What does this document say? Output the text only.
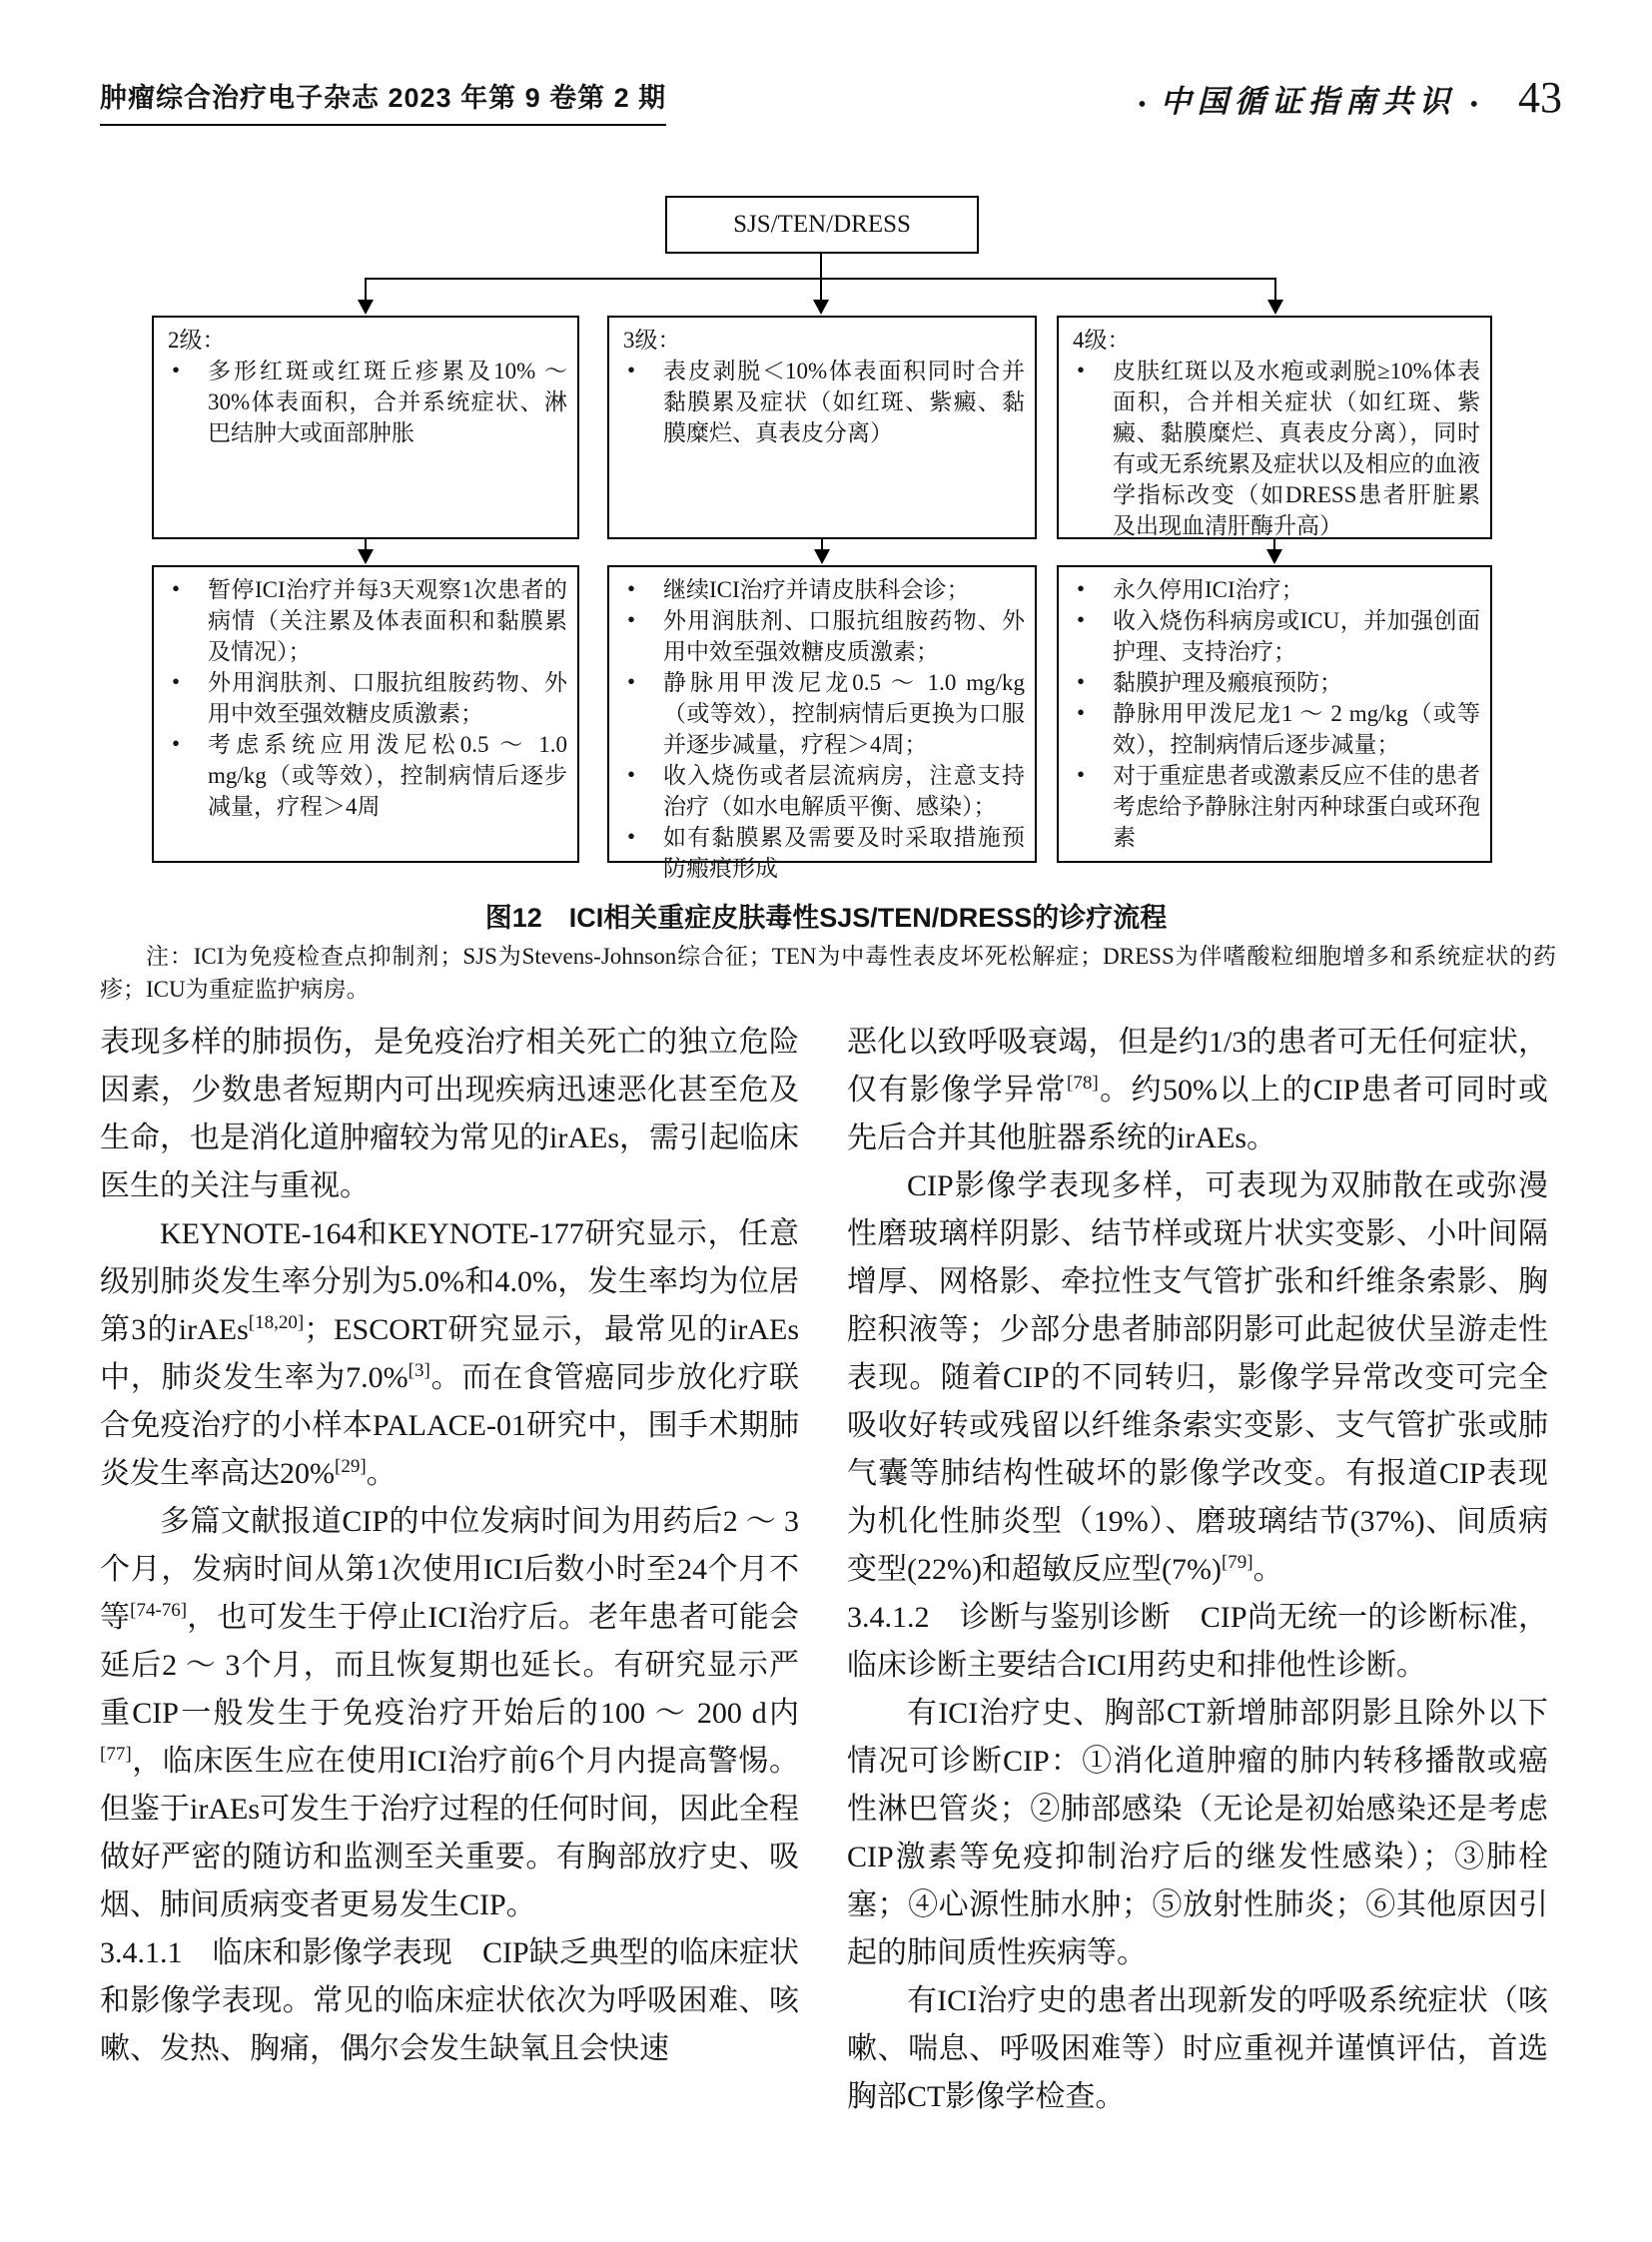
肿瘤综合治疗电子杂志 2023 年第 9 卷第 2 期	• 中国循证指南共识 • 43
SJS/TEN/DRESS
2级：
• 多形红斑或红斑丘疹累及10% ～ 30%体表面积，合并系统症状、淋巴结肿大或面部肿胀
3级：
• 表皮剥脱＜10%体表面积同时合并黏膜累及症状（如红斑、紫癜、黏膜糜烂、真表皮分离）
4级：
• 皮肤红斑以及水疱或剥脱≥10%体表面积，合并相关症状（如红斑、紫癜、黏膜糜烂、真表皮分离），同时有或无系统累及症状以及相应的血液学指标改变（如DRESS患者肝脏累及出现血清肝酶升高）
• 暂停ICI治疗并每3天观察1次患者的病情（关注累及体表面积和黏膜累及情况）；
• 外用润肤剂、口服抗组胺药物、外用中效至强效糖皮质激素；
• 考虑系统应用泼尼松0.5 ～ 1.0 mg/kg（或等效），控制病情后逐步减量，疗程＞4周
• 继续ICI治疗并请皮肤科会诊；
• 外用润肤剂、口服抗组胺药物、外用中效至强效糖皮质激素；
• 静脉用甲泼尼龙0.5 ～ 1.0 mg/kg（或等效），控制病情后更换为口服并逐步减量，疗程＞4周；
• 收入烧伤或者层流病房，注意支持治疗（如水电解质平衡、感染）；
• 如有黏膜累及需要及时采取措施预防瘢痕形成
• 永久停用ICI治疗；
• 收入烧伤科病房或ICU，并加强创面护理、支持治疗；
• 黏膜护理及瘢痕预防；
• 静脉用甲泼尼龙1 ～ 2 mg/kg（或等效），控制病情后逐步减量；
• 对于重症患者或激素反应不佳的患者考虑给予静脉注射丙种球蛋白或环孢素
图12　ICI相关重症皮肤毒性SJS/TEN/DRESS的诊疗流程
注：ICI为免疫检查点抑制剂；SJS为Stevens-Johnson综合征；TEN为中毒性表皮坏死松解症；DRESS为伴嗜酸粒细胞增多和系统症状的药疹；ICU为重症监护病房。

表现多样的肺损伤，是免疫治疗相关死亡的独立危险因素，少数患者短期内可出现疾病迅速恶化甚至危及生命，也是消化道肿瘤较为常见的irAEs，需引起临床医生的关注与重视。

KEYNOTE-164和KEYNOTE-177研究显示，任意级别肺炎发生率分别为5.0%和4.0%，发生率均为位居第3的irAEs[18,20]；ESCORT研究显示，最常见的irAEs中，肺炎发生率为7.0%[3]。而在食管癌同步放化疗联合免疫治疗的小样本PALACE-01研究中，围手术期肺炎发生率高达20%[29]。

多篇文献报道CIP的中位发病时间为用药后2 ～ 3个月，发病时间从第1次使用ICI后数小时至24个月不等[74-76]，也可发生于停止ICI治疗后。老年患者可能会延后2 ～ 3个月，而且恢复期也延长。有研究显示严重CIP一般发生于免疫治疗开始后的100 ～ 200 d内[77]，临床医生应在使用ICI治疗前6个月内提高警惕。但鉴于irAEs可发生于治疗过程的任何时间，因此全程做好严密的随访和监测至关重要。有胸部放疗史、吸烟、肺间质病变者更易发生CIP。

3.4.1.1　临床和影像学表现　CIP缺乏典型的临床症状和影像学表现。常见的临床症状依次为呼吸困难、咳嗽、发热、胸痛，偶尔会发生缺氧且会快速

恶化以致呼吸衰竭，但是约1/3的患者可无任何症状，仅有影像学异常[78]。约50%以上的CIP患者可同时或先后合并其他脏器系统的irAEs。

CIP影像学表现多样，可表现为双肺散在或弥漫性磨玻璃样阴影、结节样或斑片状实变影、小叶间隔增厚、网格影、牵拉性支气管扩张和纤维条索影、胸腔积液等；少部分患者肺部阴影可此起彼伏呈游走性表现。随着CIP的不同转归，影像学异常改变可完全吸收好转或残留以纤维条索实变影、支气管扩张或肺气囊等肺结构性破坏的影像学改变。有报道CIP表现为机化性肺炎型（19%）、磨玻璃结节(37%)、间质病变型(22%)和超敏反应型(7%)[79]。

3.4.1.2　诊断与鉴别诊断　CIP尚无统一的诊断标准，临床诊断主要结合ICI用药史和排他性诊断。

有ICI治疗史、胸部CT新增肺部阴影且除外以下情况可诊断CIP：①消化道肿瘤的肺内转移播散或癌性淋巴管炎；②肺部感染（无论是初始感染还是考虑CIP激素等免疫抑制治疗后的继发性感染）；③肺栓塞；④心源性肺水肿；⑤放射性肺炎；⑥其他原因引起的肺间质性疾病等。

有ICI治疗史的患者出现新发的呼吸系统症状（咳嗽、喘息、呼吸困难等）时应重视并谨慎评估，首选胸部CT影像学检查。
